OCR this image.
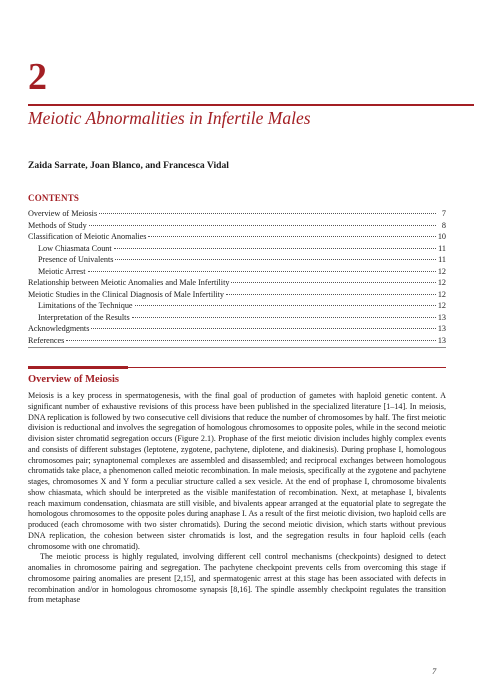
2
Meiotic Abnormalities in Infertile Males
Zaida Sarrate, Joan Blanco, and Francesca Vidal
CONTENTS
Overview of Meiosis	7
Methods of Study	8
Classification of Meiotic Anomalies	10
Low Chiasmata Count	11
Presence of Univalents	11
Meiotic Arrest	12
Relationship between Meiotic Anomalies and Male Infertility	12
Meiotic Studies in the Clinical Diagnosis of Male Infertility	12
Limitations of the Technique	12
Interpretation of the Results	13
Acknowledgments	13
References	13
Overview of Meiosis

Meiosis is a key process in spermatogenesis, with the final goal of production of gametes with haploid genetic content. A significant number of exhaustive revisions of this process have been published in the specialized literature [1–14]. In meiosis, DNA replication is followed by two consecutive cell divisions that reduce the number of chromosomes by half. The first meiotic division is reductional and involves the segregation of homologous chromosomes to opposite poles, while in the second meiotic division sister chromatid segregation occurs (Figure 2.1). Prophase of the first meiotic division includes highly complex events and consists of different substages (leptotene, zygotene, pachytene, diplotene, and diakinesis). During prophase I, homologous chromosomes pair; synaptonemal complexes are assembled and disassembled; and reciprocal exchanges between homologous chromatids take place, a phenomenon called meiotic recombination. In male meiosis, specifically at the zygotene and pachytene stages, chromosomes X and Y form a peculiar structure called a sex vesicle. At the end of prophase I, chromosome bivalents show chiasmata, which should be interpreted as the visible manifestation of recombination. Next, at metaphase I, bivalents reach maximum condensation, chiasmata are still visible, and bivalents appear arranged at the equatorial plate to segregate the homologous chromosomes to the opposite poles during anaphase I. As a result of the first meiotic division, two haploid cells are produced (each chromosome with two sister chromatids). During the second meiotic division, which starts without previous DNA replication, the cohesion between sister chromatids is lost, and the segregation results in four haploid cells (each chromosome with one chromatid).

The meiotic process is highly regulated, involving different cell control mechanisms (checkpoints) designed to detect anomalies in chromosome pairing and segregation. The pachytene checkpoint prevents cells from overcoming this stage if chromosome pairing anomalies are present [2,15], and spermatogenic arrest at this stage has been associated with defects in recombination and/or in homologous chromosome synapsis [8,16]. The spindle assembly checkpoint regulates the transition from metaphase

7
